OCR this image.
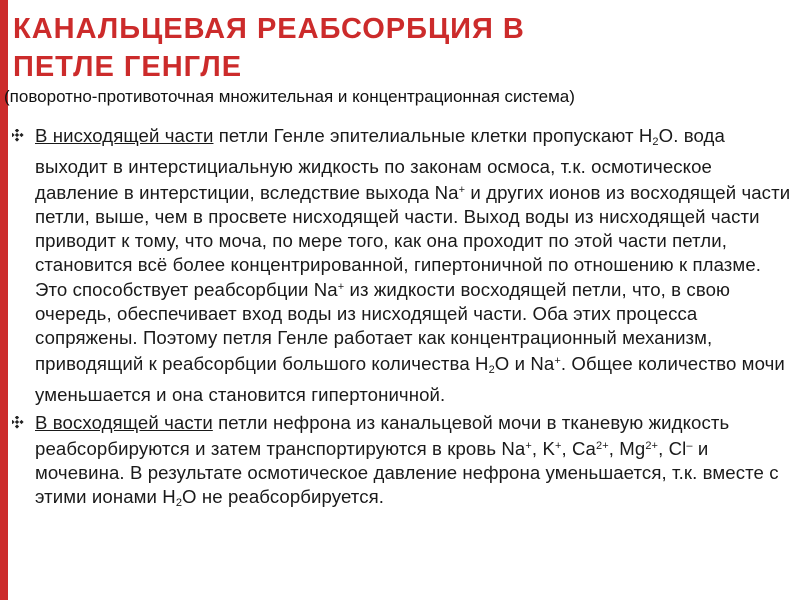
КАНАЛЬЦЕВАЯ РЕАБСОРБЦИЯ В
ПЕТЛЕ ГЕНГЛЕ
(поворотно-противоточная множительная и концентрационная система)
В нисходящей части петли Генле эпителиальные клетки пропускают $Н_2О$. вода выходит в интерстициальную жидкость по законам осмоса, т.к. осмотическое давление в интерстиции, вследствие выхода Na+ и других ионов из восходящей части петли, выше, чем в просвете нисходящей части. Выход воды из нисходящей части приводит к тому, что моча, по мере того, как она проходит по этой части петли, становится всё более концентрированной, гипертоничной по отношению к плазме. Это способствует реабсорбции Na+ из жидкости восходящей петли, что, в свою очередь, обеспечивает вход воды из нисходящей части. Оба этих процесса сопряжены. Поэтому петля Генле работает как концентрационный механизм, приводящий к реабсорбции большого количества $Н_2О$ и Na+. Общее количество мочи уменьшается и она становится гипертоничной.
В восходящей части петли нефрона из канальцевой мочи в тканевую жидкость реабсорбируются и затем транспортируются в кровь Na+, K+, $Ca^{2+}$, $Mg^{2+}$, Cl– и мочевина. В результате осмотическое давление нефрона уменьшается, т.к. вместе с этими ионами $Н_2О$ не реабсорбируется.
